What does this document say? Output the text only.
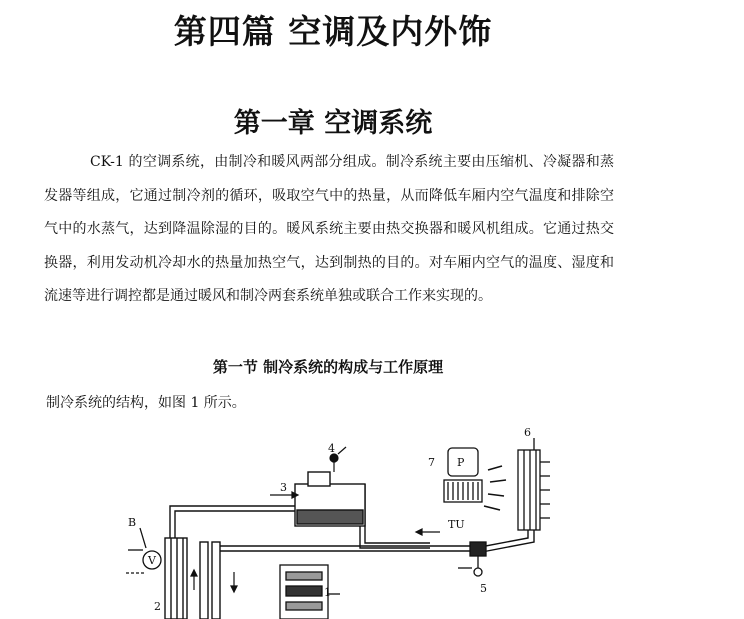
第四篇 空调及内外饰
第一章 空调系统

CK-1 的空调系统，由制冷和暖风两部分组成。制冷系统主要由压缩机、冷凝器和蒸发器等组成，它通过制冷剂的循环，吸取空气中的热量，从而降低车厢内空气温度和排除空气中的水蒸气，达到降温除湿的目的。暖风系统主要由热交换器和暖风机组成。它通过热交换器，利用发动机冷却水的热量加热空气，达到制热的目的。对车厢内空气的温度、湿度和流速等进行调控都是通过暖风和制冷两套系统单独或联合工作来实现的。

第一节 制冷系统的构成与工作原理

制冷系统的结构，如图 1 所示。

4
3
1
2
5
6
7 P
TU
B
V
